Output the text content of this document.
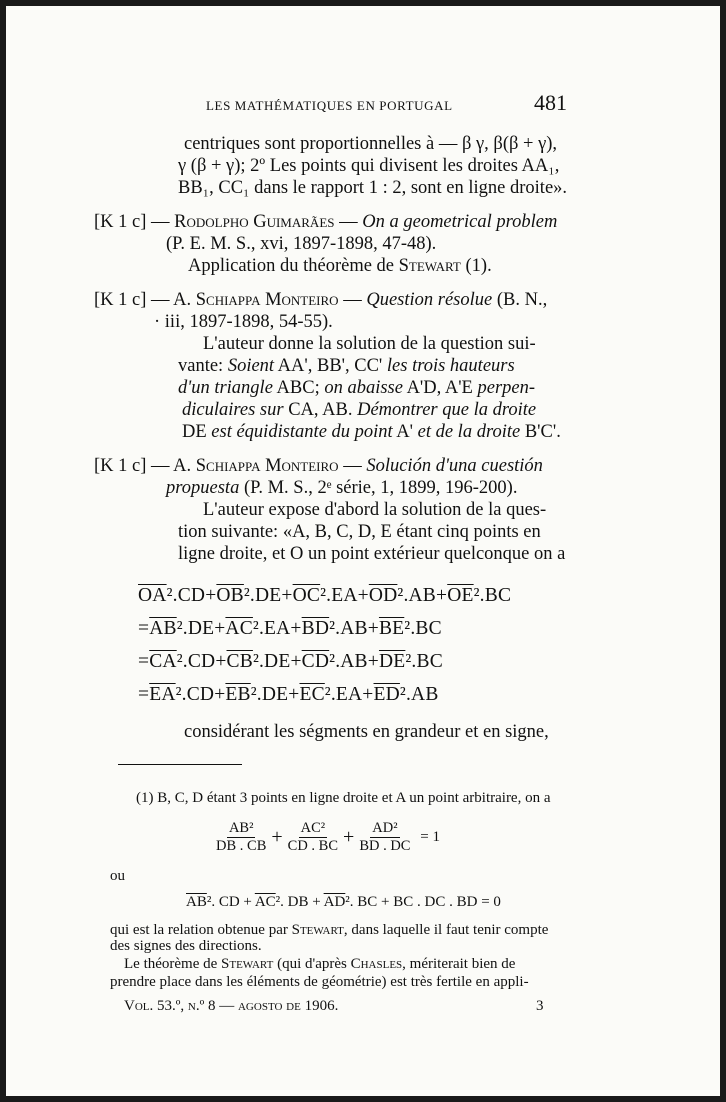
LES MATHÉMATIQUES EN PORTUGAL	481
centriques sont proportionnelles à — β γ, β(β + γ),
γ (β + γ); 2º Les points qui divisent les droites AA₁,
BB₁, CC₁ dans le rapport 1 : 2, sont en ligne droite».
[K 1 c] — Rodolpho Guimarães — On a geometrical problem
(P. E. M. S., xvi, 1897-1898, 47-48).
Application du théorème de Stewart (1).
[K 1 c] — A. Schiappa Monteiro — Question résolue (B. N.,
· iii, 1897-1898, 54-55).
L'auteur donne la solution de la question sui-
vante: Soient AA', BB', CC' les trois hauteurs
d'un triangle ABC; on abaisse A'D, A'E perpen-
diculaires sur CA, AB. Démontrer que la droite
DE est équidistante du point A' et de la droite B'C'.
[K 1 c] — A. Schiappa Monteiro — Solución d'una cuestión
propuesta (P. M. S., 2ᵉ série, 1, 1899, 196-200).
L'auteur expose d'abord la solution de la ques-
tion suivante: «A, B, C, D, E étant cinq points en
ligne droite, et O un point extérieur quelconque on a
$\overline{OA}^2.CD+\overline{OB}^2.DE+\overline{OC}^2.EA+\overline{OD}^2.AB+\overline{OE}^2.BC$
$=\overline{AB}^2.DE+\overline{AC}^2.EA+\overline{BD}^2.AB+\overline{BE}^2.BC$
$=\overline{CA}^2.CD+\overline{CB}^2.DE+\overline{CD}^2.AB+\overline{DE}^2.BC$
$=\overline{EA}^2.CD+\overline{EB}^2.DE+\overline{EC}^2.EA+\overline{ED}^2.AB$
considérant les ségments en grandeur et en signe,
(1) B, C, D étant 3 points en ligne droite et A un point arbitraire, on a
$\frac{\text{AB²}}{DB . CB} + \frac{\text{AC²}}{CD . BC} + \frac{\text{AD²}}{BD . DC} = 1$
ou
$\overline{AB}^2$. CD + $\overline{AC}^2$. DB + $\overline{AD}^2$. BC + BC . DC . BD = 0
qui est la relation obtenue par Stewart, dans laquelle il faut tenir compte
des signes des directions.
Le théorème de Stewart (qui d'après Chasles, mériterait bien de
prendre place dans les éléments de géométrie) est très fertile en appli-
Vol. 53.º, n.º 8 — agosto de 1906.	3
